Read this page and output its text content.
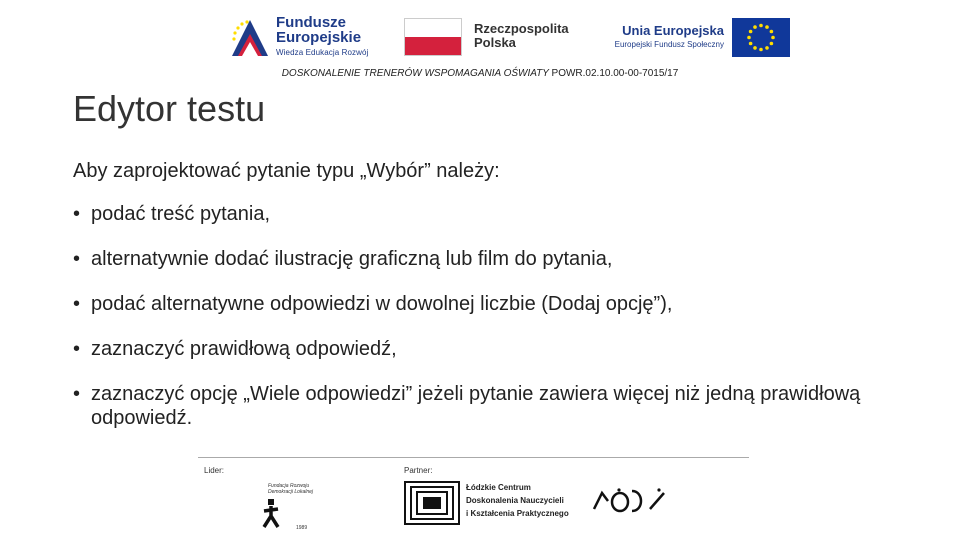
Fundusze
Europejskie
Wiedza Edukacja Rozwój
Rzeczpospolita
Polska
Unia Europejska
Europejski Fundusz Społeczny
DOSKONALENIE TRENERÓW WSPOMAGANIA OŚWIATY POWR.02.10.00-00-7015/17
Edytor testu
Aby zaprojektować pytanie typu „Wybór” należy:
• podać treść pytania,
• alternatywnie dodać ilustrację graficzną lub film do pytania,
• podać alternatywne odpowiedzi w dowolnej liczbie (Dodaj opcję”),
• zaznaczyć prawidłową odpowiedź,
• zaznaczyć opcję „Wiele odpowiedzi” jeżeli pytanie zawiera więcej niż jedną prawidłową odpowiedź.
Lider:	Partner:
Fundacja Rozwoju Demokracji Lokalnej
1989
Łódzkie Centrum
Doskonalenia Nauczycieli
i Kształcenia Praktycznego
